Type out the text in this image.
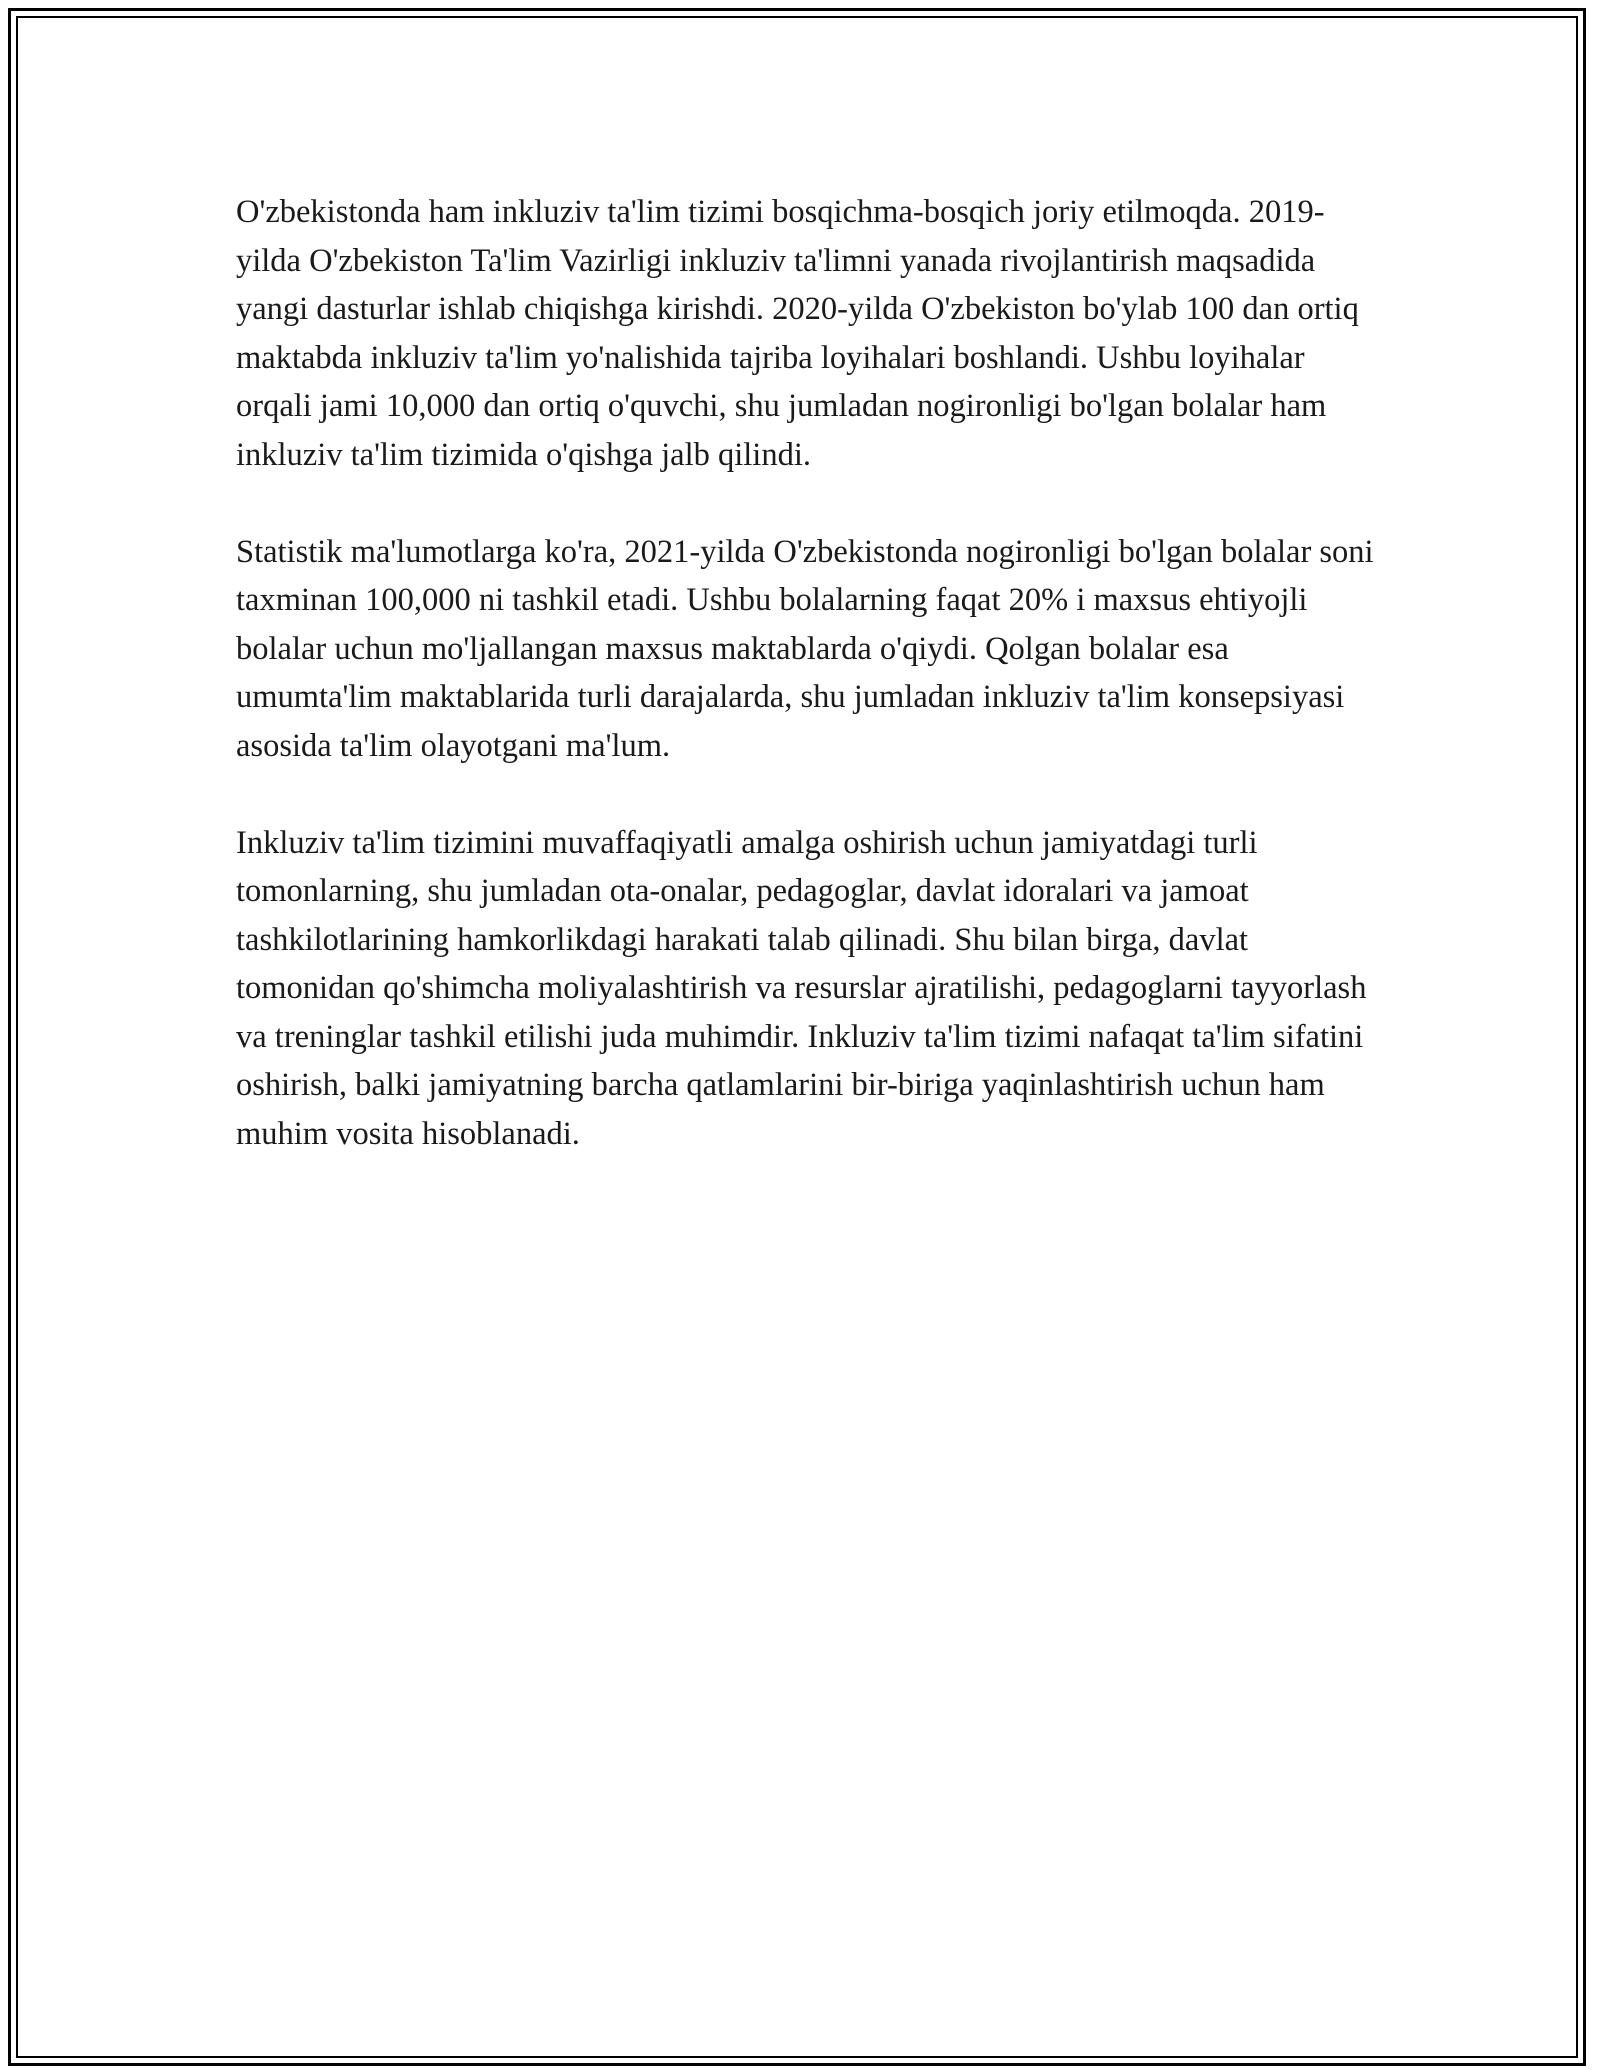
O'zbekistonda ham inkluziv ta'lim tizimi bosqichma-bosqich joriy etilmoqda. 2019-yilda O'zbekiston Ta'lim Vazirligi inkluziv ta'limni yanada rivojlantirish maqsadida yangi dasturlar ishlab chiqishga kirishdi. 2020-yilda O'zbekiston bo'ylab 100 dan ortiq maktabda inkluziv ta'lim yo'nalishida tajriba loyihalari boshlandi. Ushbu loyihalar orqali jami 10,000 dan ortiq o'quvchi, shu jumladan nogironligi bo'lgan bolalar ham inkluziv ta'lim tizimida o'qishga jalb qilindi.

Statistik ma'lumotlarga ko'ra, 2021-yilda O'zbekistonda nogironligi bo'lgan bolalar soni taxminan 100,000 ni tashkil etadi. Ushbu bolalarning faqat 20% i maxsus ehtiyojli bolalar uchun mo'ljallangan maxsus maktablarda o'qiydi. Qolgan bolalar esa umumta'lim maktablarida turli darajalarda, shu jumladan inkluziv ta'lim konsepsiyasi asosida ta'lim olayotgani ma'lum.

Inkluziv ta'lim tizimini muvaffaqiyatli amalga oshirish uchun jamiyatdagi turli tomonlarning, shu jumladan ota-onalar, pedagoglar, davlat idoralari va jamoat tashkilotlarining hamkorlikdagi harakati talab qilinadi. Shu bilan birga, davlat tomonidan qo'shimcha moliyalashtirish va resurslar ajratilishi, pedagoglarni tayyorlash va treninglar tashkil etilishi juda muhimdir. Inkluziv ta'lim tizimi nafaqat ta'lim sifatini oshirish, balki jamiyatning barcha qatlamlarini bir-biriga yaqinlashtirish uchun ham muhim vosita hisoblanadi.
